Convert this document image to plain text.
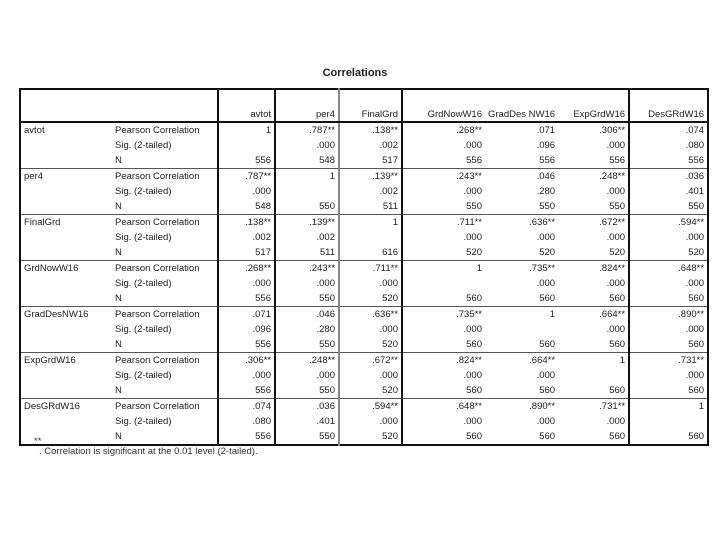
Correlations
		avtot	per4	FinalGrd	GrdNowW16	GradDes NW16	ExpGrdW16	DesGRdW16
avtot	Pearson Correlation	1	.787**	.138**	.268**	.071	.306**	.074
	Sig. (2-tailed)		.000	.002	.000	.096	.000	.080
	N	556	548	517	556	556	556	556
per4	Pearson Correlation	.787**	1	.139**	.243**	.046	.248**	.036
	Sig. (2-tailed)	.000		.002	.000	.280	.000	.401
	N	548	550	511	550	550	550	550
FinalGrd	Pearson Correlation	.138**	.139**	1	.711**	.636**	.672**	.594**
	Sig. (2-tailed)	.002	.002		.000	.000	.000	.000
	N	517	511	616	520	520	520	520
GrdNowW16	Pearson Correlation	.268**	.243**	.711**	1	.735**	.824**	.648**
	Sig. (2-tailed)	.000	.000	.000		.000	.000	.000
	N	556	550	520	560	560	560	560
GradDesNW16	Pearson Correlation	.071	.046	.636**	.735**	1	.664**	.890**
	Sig. (2-tailed)	.096	.280	.000	.000		.000	.000
	N	556	550	520	560	560	560	560
ExpGrdW16	Pearson Correlation	.306**	.248**	.672**	.824**	.664**	1	.731**
	Sig. (2-tailed)	.000	.000	.000	.000	.000		.000
	N	556	550	520	560	560	560	560
DesGRdW16	Pearson Correlation	.074	.036	.594**	.648**	.890**	.731**	1
	Sig. (2-tailed)	.080	.401	.000	.000	.000	.000	
	N	556	550	520	560	560	560	560
**
. Correlation is significant at the 0.01 level (2-tailed).
